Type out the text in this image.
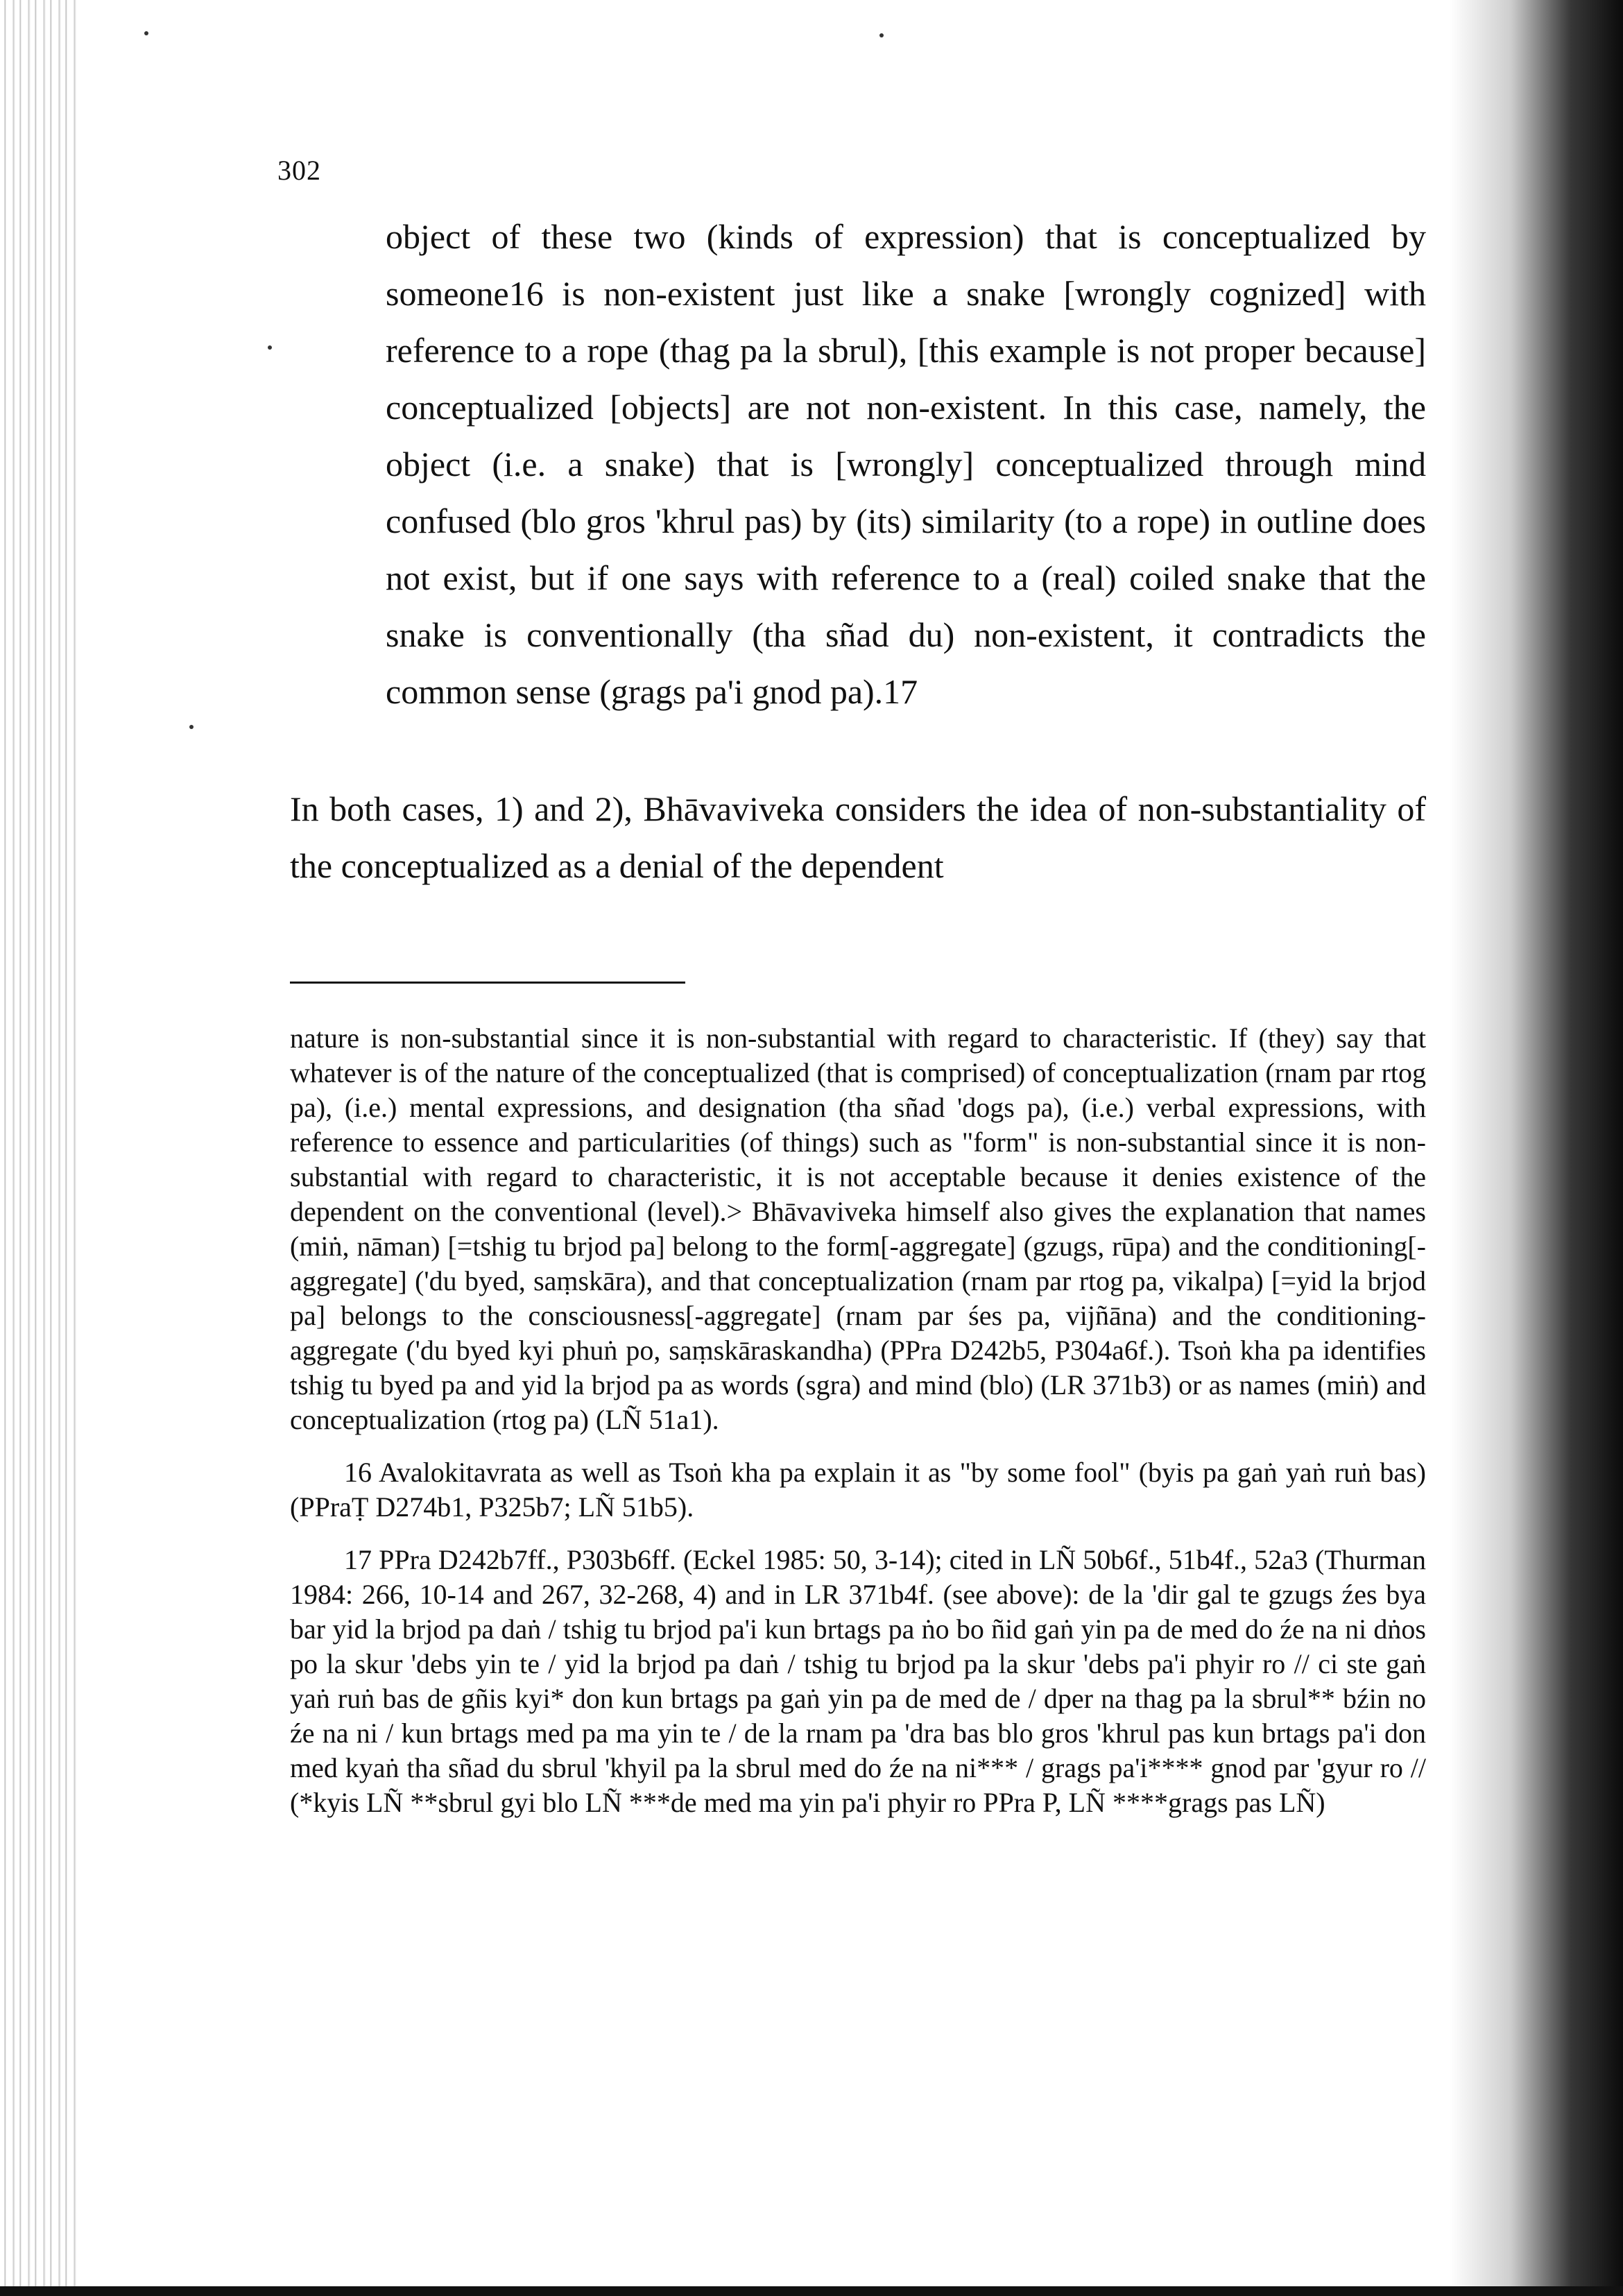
302

object of these two (kinds of expression) that is conceptualized by someone16 is non-existent just like a snake [wrongly cognized] with reference to a rope (thag pa la sbrul), [this example is not proper because] conceptualized [objects] are not non-existent. In this case, namely, the object (i.e. a snake) that is [wrongly] conceptualized through mind confused (blo gros 'khrul pas) by (its) similarity (to a rope) in outline does not exist, but if one says with reference to a (real) coiled snake that the snake is conventionally (tha sñad du) non-existent, it contradicts the common sense (grags pa'i gnod pa).17

In both cases, 1) and 2), Bhāvaviveka considers the idea of non-substantiality of the conceptualized as a denial of the dependent

nature is non-substantial since it is non-substantial with regard to characteristic. If (they) say that whatever is of the nature of the conceptualized (that is comprised) of conceptualization (rnam par rtog pa), (i.e.) mental expressions, and designation (tha sñad 'dogs pa), (i.e.) verbal expressions, with reference to essence and particularities (of things) such as "form" is non-substantial since it is non-substantial with regard to characteristic, it is not acceptable because it denies existence of the dependent on the conventional (level).> Bhāvaviveka himself also gives the explanation that names (miṅ, nāman) [=tshig tu brjod pa] belong to the form[-aggregate] (gzugs, rūpa) and the conditioning[-aggregate] ('du byed, saṃskāra), and that conceptualization (rnam par rtog pa, vikalpa) [=yid la brjod pa] belongs to the consciousness[-aggregate] (rnam par śes pa, vijñāna) and the conditioning-aggregate ('du byed kyi phuṅ po, saṃskāraskandha) (PPra D242b5, P304a6f.). Tsoṅ kha pa identifies tshig tu byed pa and yid la brjod pa as words (sgra) and mind (blo) (LR 371b3) or as names (miṅ) and conceptualization (rtog pa) (LÑ 51a1).

16 Avalokitavrata as well as Tsoṅ kha pa explain it as "by some fool" (byis pa gaṅ yaṅ ruṅ bas) (PPraṬ D274b1, P325b7; LÑ 51b5).

17 PPra D242b7ff., P303b6ff. (Eckel 1985: 50, 3-14); cited in LÑ 50b6f., 51b4f., 52a3 (Thurman 1984: 266, 10-14 and 267, 32-268, 4) and in LR 371b4f. (see above): de la 'dir gal te gzugs źes bya bar yid la brjod pa daṅ / tshig tu brjod pa'i kun brtags pa ṅo bo ñid gaṅ yin pa de med do źe na ni dṅos po la skur 'debs yin te / yid la brjod pa daṅ / tshig tu brjod pa la skur 'debs pa'i phyir ro // ci ste gaṅ yaṅ ruṅ bas de gñis kyi* don kun brtags pa gaṅ yin pa de med de / dper na thag pa la sbrul** bźin no źe na ni / kun brtags med pa ma yin te / de la rnam pa 'dra bas blo gros 'khrul pas kun brtags pa'i don med kyaṅ tha sñad du sbrul 'khyil pa la sbrul med do źe na ni*** / grags pa'i**** gnod par 'gyur ro // (*kyis LÑ **sbrul gyi blo LÑ ***de med ma yin pa'i phyir ro PPra P, LÑ ****grags pas LÑ)
